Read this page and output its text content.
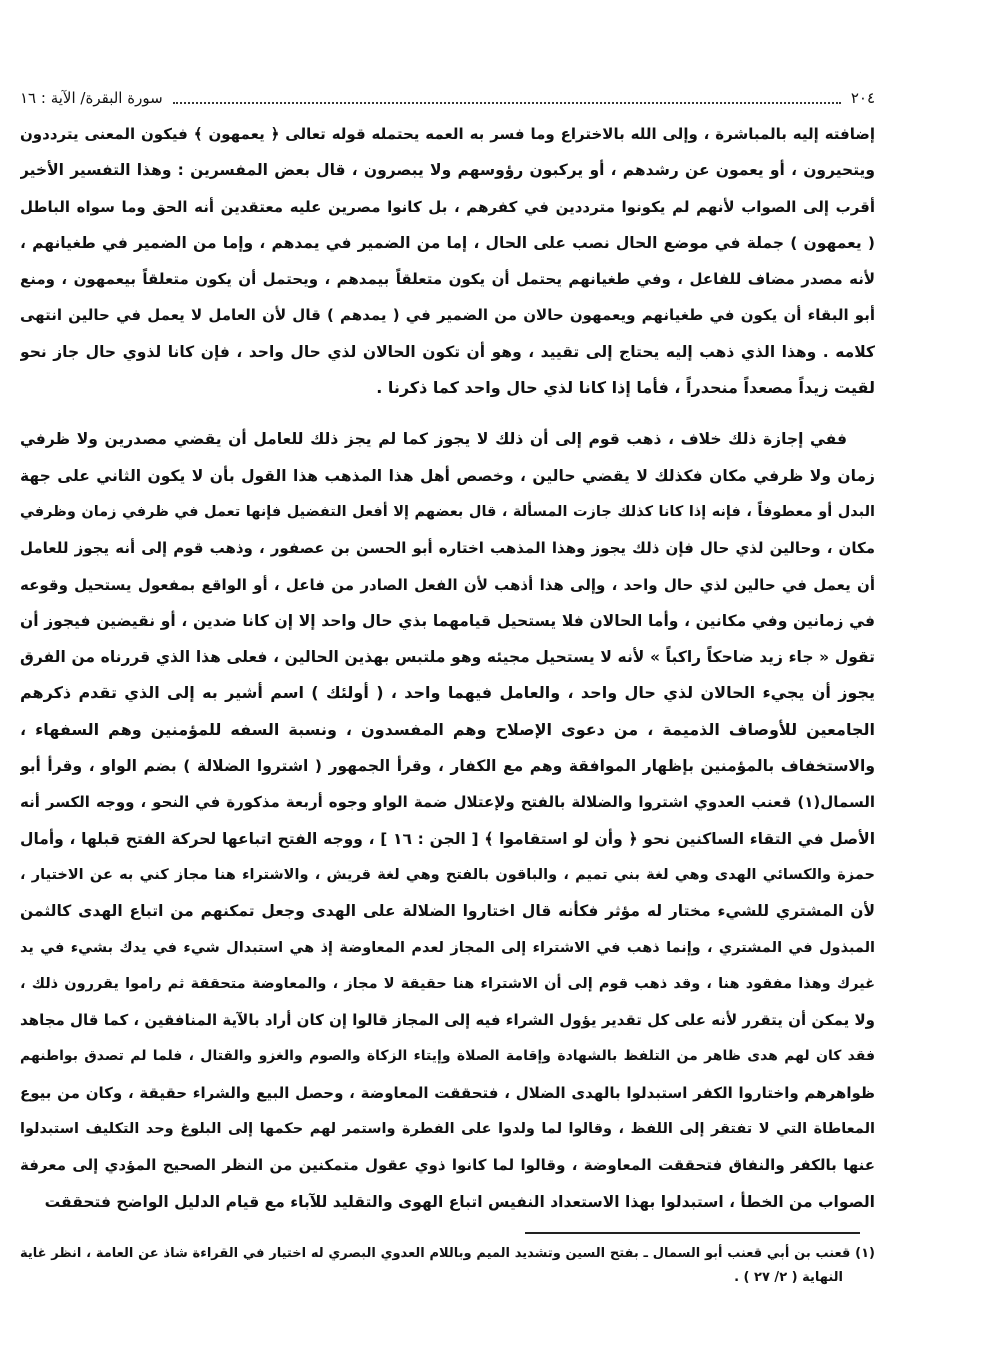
٢٠٤
سورة البقرة/ الآية : ١٦
إضافته إليه بالمباشرة ، وإلى الله بالاختراع وما فسر به العمه يحتمله قوله تعالى ﴿ يعمهون ﴾ فيكون المعنى يترددون
ويتحيرون ، أو يعمون عن رشدهم ، أو يركبون رؤوسهم ولا يبصرون ، قال بعض المفسرين : وهذا التفسير الأخير
أقرب إلى الصواب لأنهم لم يكونوا مترددين في كفرهم ، بل كانوا مصرين عليه معتقدين أنه الحق وما سواه الباطل
( يعمهون ) جملة في موضع الحال نصب على الحال ، إما من الضمير في يمدهم ، وإما من الضمير في طغيانهم ،
لأنه مصدر مضاف للفاعل ، وفي طغيانهم يحتمل أن يكون متعلقاً بيمدهم ، ويحتمل أن يكون متعلقاً بيعمهون ، ومنع
أبو البقاء أن يكون في طغيانهم ويعمهون حالان من الضمير في ( يمدهم ) قال لأن العامل لا يعمل في حالين انتهى
كلامه . وهذا الذي ذهب إليه يحتاج إلى تقييد ، وهو أن تكون الحالان لذي حال واحد ، فإن كانا لذوي حال جاز نحو
لقيت زيداً مصعداً منحدراً ، فأما إذا كانا لذي حال واحد كما ذكرنا .
ففي إجازة ذلك خلاف ، ذهب قوم إلى أن ذلك لا يجوز كما لم يجز ذلك للعامل أن يقضي مصدرين ولا ظرفي
زمان ولا ظرفي مكان فكذلك لا يقضي حالين ، وخصص أهل هذا المذهب هذا القول بأن لا يكون الثاني على جهة
البدل أو معطوفاً ، فإنه إذا كانا كذلك جازت المسألة ، قال بعضهم إلا أفعل التفضيل فإنها تعمل في ظرفي زمان وظرفي
مكان ، وحالين لذي حال فإن ذلك يجوز وهذا المذهب اختاره أبو الحسن بن عصفور ، وذهب قوم إلى أنه يجوز للعامل
أن يعمل في حالين لذي حال واحد ، وإلى هذا أذهب لأن الفعل الصادر من فاعل ، أو الواقع بمفعول يستحيل وقوعه
في زمانين وفي مكانين ، وأما الحالان فلا يستحيل قيامهما بذي حال واحد إلا إن كانا ضدين ، أو نقيضين فيجوز أن
تقول « جاء زيد ضاحكاً راكباً » لأنه لا يستحيل مجيئه وهو ملتبس بهذين الحالين ، فعلى هذا الذي قررناه من الفرق
يجوز أن يجيء الحالان لذي حال واحد ، والعامل فيهما واحد ، ( أولئك ) اسم أشير به إلى الذي تقدم ذكرهم
الجامعين للأوصاف الذميمة ، من دعوى الإصلاح وهم المفسدون ، ونسبة السفه للمؤمنين وهم السفهاء ،
والاستخفاف بالمؤمنين بإظهار الموافقة وهم مع الكفار ، وقرأ الجمهور ( اشتروا الضلالة ) بضم الواو ، وقرأ أبو
السمال(١) قعنب العدوي اشتروا والضلالة بالفتح ولإعتلال ضمة الواو وجوه أربعة مذكورة في النحو ، ووجه الكسر أنه
الأصل في التقاء الساكنين نحو ﴿ وأن لو استقاموا ﴾ [ الجن : ١٦ ] ، ووجه الفتح اتباعها لحركة الفتح قبلها ، وأمال
حمزة والكسائي الهدى وهي لغة بني تميم ، والباقون بالفتح وهي لغة قريش ، والاشتراء هنا مجاز كني به عن الاختيار ،
لأن المشتري للشيء مختار له مؤثر فكأنه قال اختاروا الضلالة على الهدى وجعل تمكنهم من اتباع الهدى كالثمن
المبذول في المشتري ، وإنما ذهب في الاشتراء إلى المجاز لعدم المعاوضة إذ هي استبدال شيء في يدك بشيء في يد
غيرك وهذا مفقود هنا ، وقد ذهب قوم إلى أن الاشتراء هنا حقيقة لا مجاز ، والمعاوضة متحققة ثم راموا يقررون ذلك ،
ولا يمكن أن يتقرر لأنه على كل تقدير يؤول الشراء فيه إلى المجاز قالوا إن كان أراد بالآية المنافقين ، كما قال مجاهد
فقد كان لهم هدى ظاهر من التلفظ بالشهادة وإقامة الصلاة وإيتاء الزكاة والصوم والغزو والقتال ، فلما لم تصدق بواطنهم
ظواهرهم واختاروا الكفر استبدلوا بالهدى الضلال ، فتحققت المعاوضة ، وحصل البيع والشراء حقيقة ، وكان من بيوع
المعاطاة التي لا تفتقر إلى اللفظ ، وقالوا لما ولدوا على الفطرة واستمر لهم حكمها إلى البلوغ وحد التكليف استبدلوا
عنها بالكفر والنفاق فتحققت المعاوضة ، وقالوا لما كانوا ذوي عقول متمكنين من النظر الصحيح المؤدي إلى معرفة
الصواب من الخطأ ، استبدلوا بهذا الاستعداد النفيس اتباع الهوى والتقليد للآباء مع قيام الدليل الواضح فتحققت
(١) قعنب بن أبي قعنب أبو السمال ـ بفتح السين وتشديد الميم وباللام العدوي البصري له اختيار في القراءة شاذ عن العامة ، انظر غاية
النهاية ( ٢/ ٢٧ ) .
